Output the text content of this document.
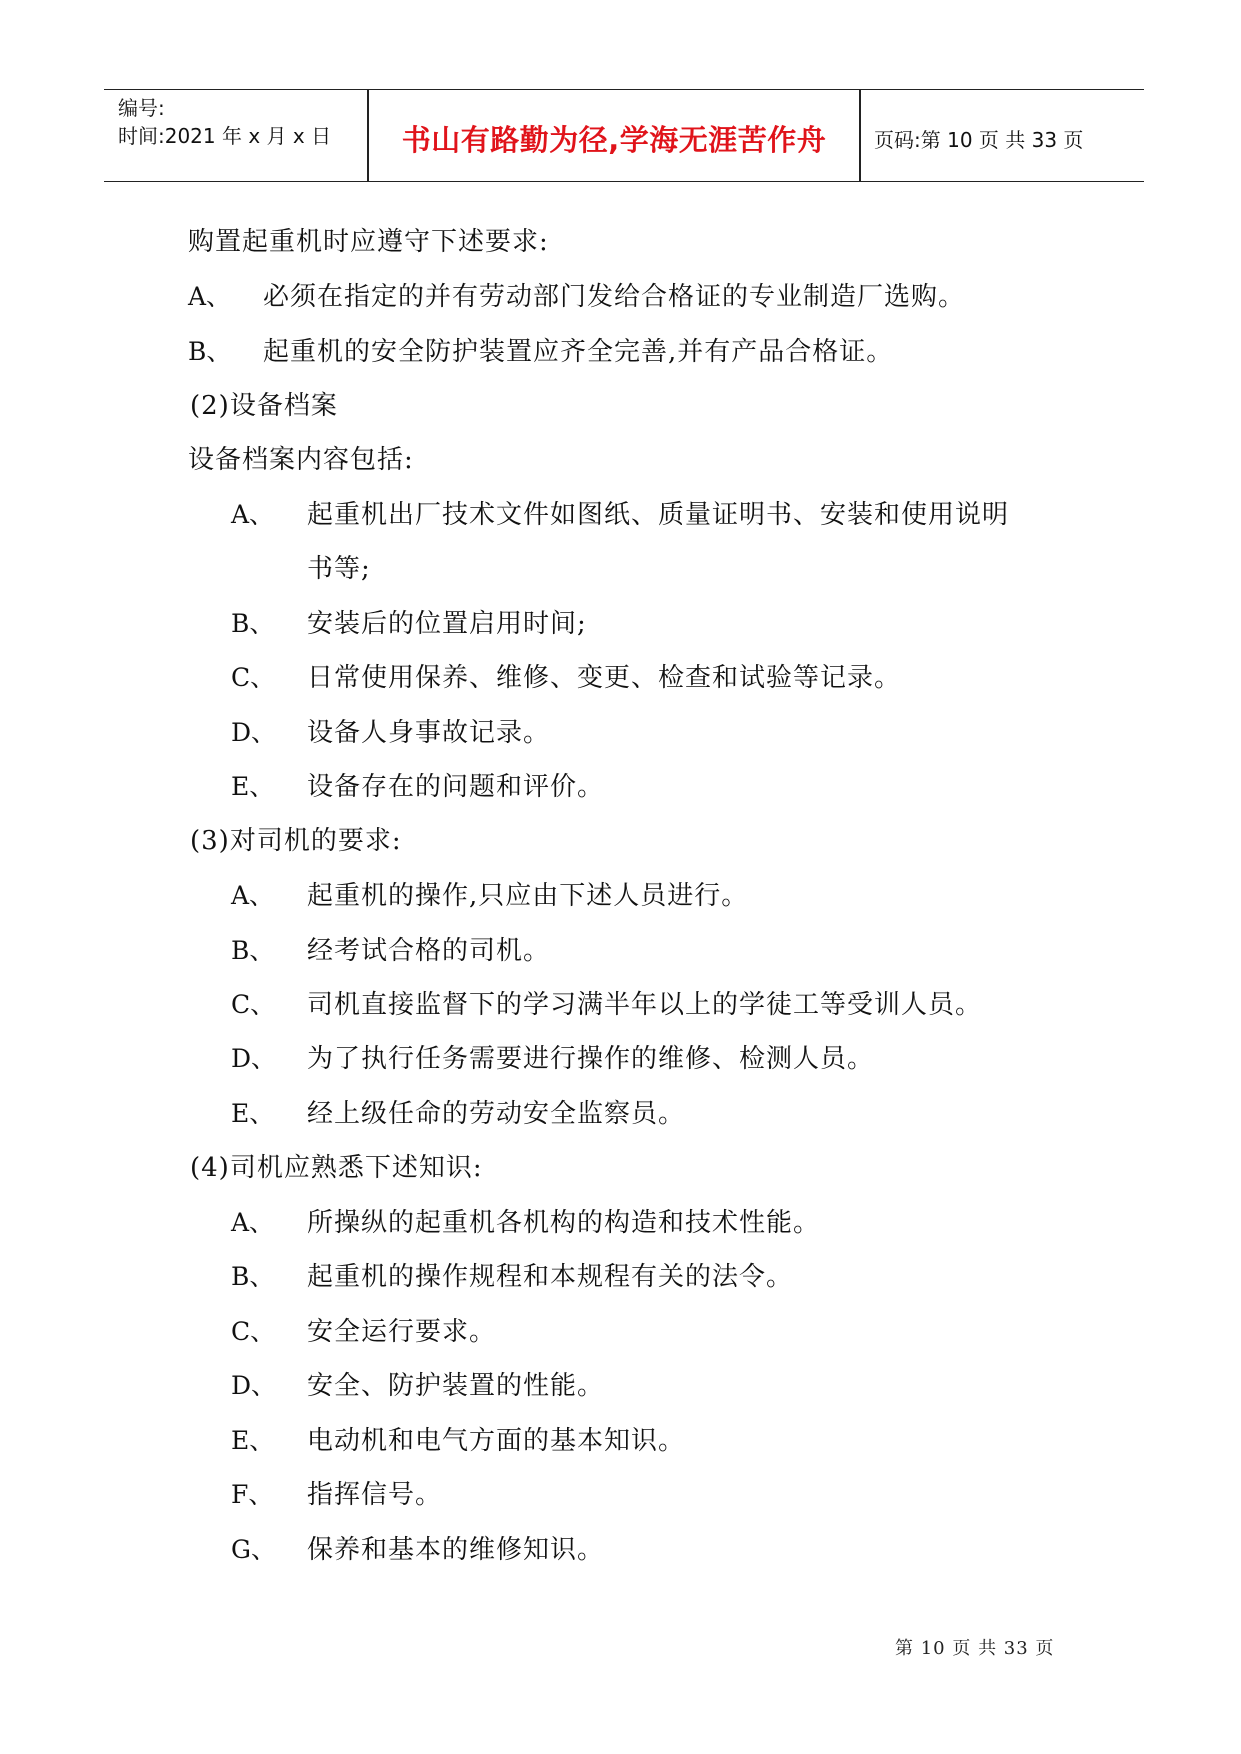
编号:
时间:2021 年 x 月 x 日	书山有路勤为径,学海无涯苦作舟	页码:第 10 页 共 33 页
购置起重机时应遵守下述要求:
A、 必须在指定的并有劳动部门发给合格证的专业制造厂选购。
B、 起重机的安全防护装置应齐全完善,并有产品合格证。
(2)设备档案
设备档案内容包括:
A、 起重机出厂技术文件如图纸、质量证明书、安装和使用说明
书等;
B、 安装后的位置启用时间;
C、 日常使用保养、维修、变更、检查和试验等记录。
D、 设备人身事故记录。
E、 设备存在的问题和评价。
(3)对司机的要求:
A、 起重机的操作,只应由下述人员进行。
B、 经考试合格的司机。
C、 司机直接监督下的学习满半年以上的学徒工等受训人员。
D、 为了执行任务需要进行操作的维修、检测人员。
E、 经上级任命的劳动安全监察员。
(4)司机应熟悉下述知识:
A、 所操纵的起重机各机构的构造和技术性能。
B、 起重机的操作规程和本规程有关的法令。
C、 安全运行要求。
D、 安全、防护装置的性能。
E、 电动机和电气方面的基本知识。
F、 指挥信号。
G、 保养和基本的维修知识。
第 10 页 共 33 页
